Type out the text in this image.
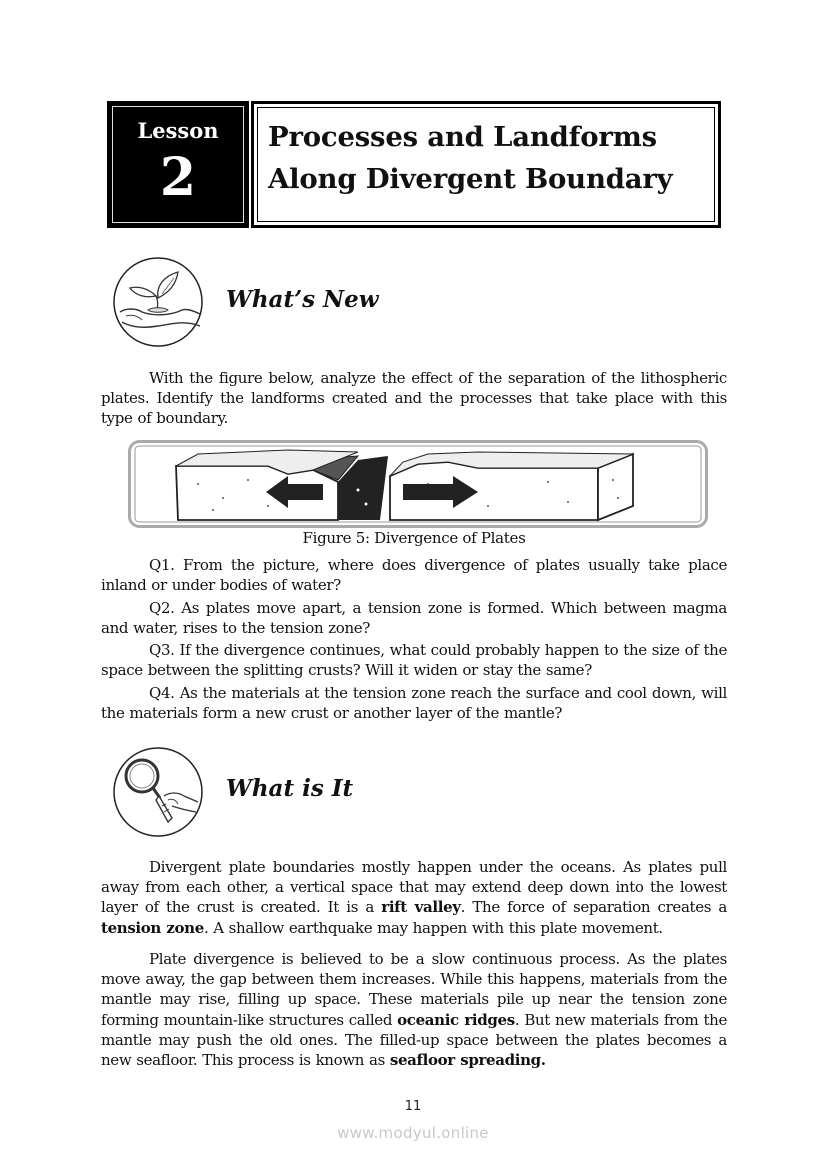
Lesson
2
Processes and Landforms
Along Divergent Boundary
What’s New

With the figure below, analyze the effect of the separation of the lithospheric plates. Identify the landforms created and the processes that take place with this type of boundary.

Figure 5: Divergence of Plates

Q1. From the picture, where does divergence of plates usually take place inland or under bodies of water?

Q2. As plates move apart, a tension zone is formed. Which between magma and water, rises to the tension zone?

Q3. If the divergence continues, what could probably happen to the size of the space between the splitting crusts? Will it widen or stay the same?

Q4. As the materials at the tension zone reach the surface and cool down, will the materials form a new crust or another layer of the mantle?

What is It

Divergent plate boundaries mostly happen under the oceans. As plates pull away from each other, a vertical space that may extend deep down into the lowest layer of the crust is created. It is a rift valley. The force of separation creates a tension zone. A shallow earthquake may happen with this plate movement.

Plate divergence is believed to be a slow continuous process. As the plates move away, the gap between them increases. While this happens, materials from the mantle may rise, filling up space. These materials pile up near the tension zone forming mountain-like structures called oceanic ridges. But new materials from the mantle may push the old ones. The filled-up space between the plates becomes a new seafloor. This process is known as seafloor spreading.

11
www.modyul.online
